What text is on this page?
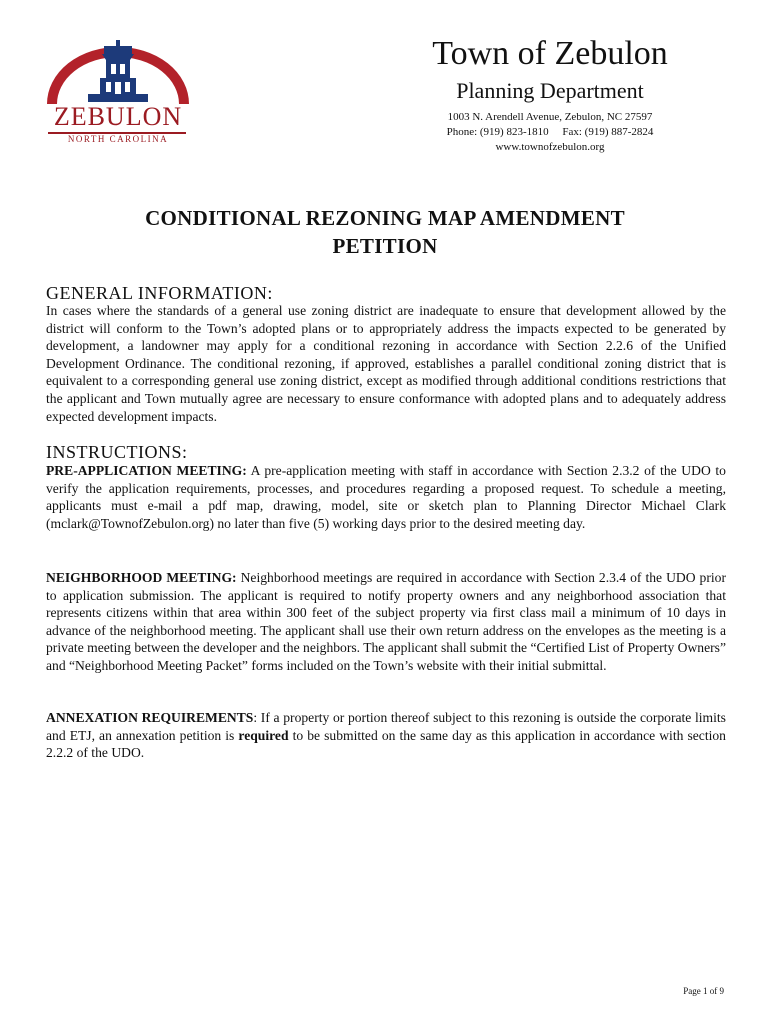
ZEBULON
NORTH CAROLINA
Town of Zebulon
Planning Department
1003 N. Arendell Avenue, Zebulon, NC 27597
Phone: (919) 823-1810     Fax: (919) 887-2824
www.townofzebulon.org
CONDITIONAL REZONING MAP AMENDMENT
PETITION
GENERAL INFORMATION:

In cases where the standards of a general use zoning district are inadequate to ensure that development allowed by the district will conform to the Town’s adopted plans or to appropriately address the impacts expected to be generated by development, a landowner may apply for a conditional rezoning in accordance with Section 2.2.6 of the Unified Development Ordinance. The conditional rezoning, if approved, establishes a parallel conditional zoning district that is equivalent to a corresponding general use zoning district, except as modified through additional conditions restrictions that the applicant and Town mutually agree are necessary to ensure conformance with adopted plans and to adequately address expected development impacts.

INSTRUCTIONS:

PRE-APPLICATION MEETING: A pre-application meeting with staff in accordance with Section 2.3.2 of the UDO to verify the application requirements, processes, and procedures regarding a proposed request. To schedule a meeting, applicants must e-mail a pdf map, drawing, model, site or sketch plan to Planning Director Michael Clark (mclark@TownofZebulon.org) no later than five (5) working days prior to the desired meeting day.

NEIGHBORHOOD MEETING: Neighborhood meetings are required in accordance with Section 2.3.4 of the UDO prior to application submission. The applicant is required to notify property owners and any neighborhood association that represents citizens within that area within 300 feet of the subject property via first class mail a minimum of 10 days in advance of the neighborhood meeting. The applicant shall use their own return address on the envelopes as the meeting is a private meeting between the developer and the neighbors. The applicant shall submit the “Certified List of Property Owners” and “Neighborhood Meeting Packet” forms included on the Town’s website with their initial submittal.

ANNEXATION REQUIREMENTS: If a property or portion thereof subject to this rezoning is outside the corporate limits and ETJ, an annexation petition is required to be submitted on the same day as this application in accordance with section 2.2.2 of the UDO.

Page 1 of 9
